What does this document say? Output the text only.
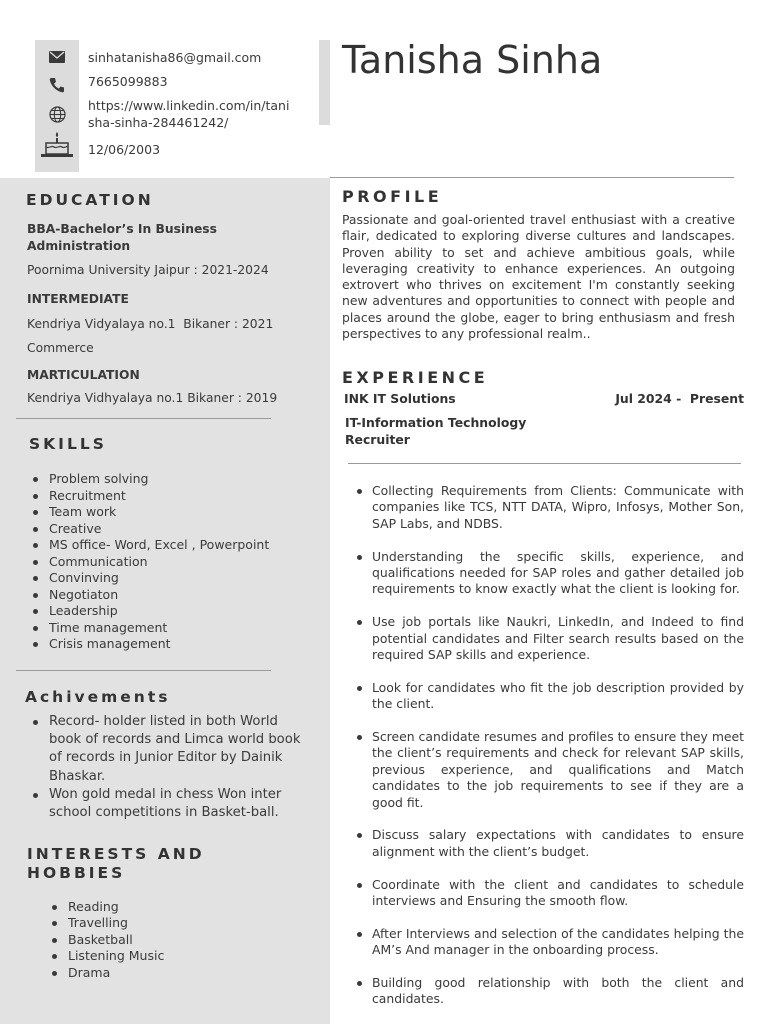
sinhatanisha86@gmail.com
7665099883
https://www.linkedin.com/in/tani
sha-sinha-284461242/
12/06/2003
EDUCATION
BBA-Bachelor’s In Business
Administration
Poornima University Jaipur : 2021-2024
INTERMEDIATE
Kendriya Vidyalaya no.1  Bikaner : 2021
Commerce
MARTICULATION
Kendriya Vidhyalaya no.1 Bikaner : 2019
SKILLS
Problem solving
Recruitment
Team work
Creative
MS office- Word, Excel , Powerpoint
Communication
Convinving
Negotiaton
Leadership
Time management
Crisis management
Achivements
Record- holder listed in both World book of records and Limca world book of records in Junior Editor by Dainik Bhaskar.
Won gold medal in chess Won inter school competitions in Basket-ball.
INTERESTS AND
HOBBIES
Reading
Travelling
Basketball
Listening Music
Drama
Tanisha Sinha
PROFILE
Passionate and goal-oriented travel enthusiast with a creative flair, dedicated to exploring diverse cultures and landscapes. Proven ability to set and achieve ambitious goals, while leveraging creativity to enhance experiences. An outgoing extrovert who thrives on excitement I'm constantly seeking new adventures and opportunities to connect with people and places around the globe, eager to bring enthusiasm and fresh perspectives to any professional realm..
EXPERIENCE
INK IT Solutions	Jul 2024 -  Present
IT-Information Technology
Recruiter
Collecting Requirements from Clients: Communicate with companies like TCS, NTT DATA, Wipro, Infosys, Mother Son, SAP Labs, and NDBS.
Understanding the specific skills, experience, and qualifications needed for SAP roles and gather detailed job requirements to know exactly what the client is looking for.
Use job portals like Naukri, LinkedIn, and Indeed to find potential candidates and Filter search results based on the required SAP skills and experience.
Look for candidates who fit the job description provided by the client.
Screen candidate resumes and profiles to ensure they meet the client’s requirements and check for relevant SAP skills, previous experience, and qualifications and Match candidates to the job requirements to see if they are a good fit.
Discuss salary expectations with candidates to ensure alignment with the client’s budget.
Coordinate with the client and candidates to schedule interviews and Ensuring the smooth flow.
After Interviews and selection of the candidates helping the AM’s And manager in the onboarding process.
Building good relationship with both the client and candidates.
